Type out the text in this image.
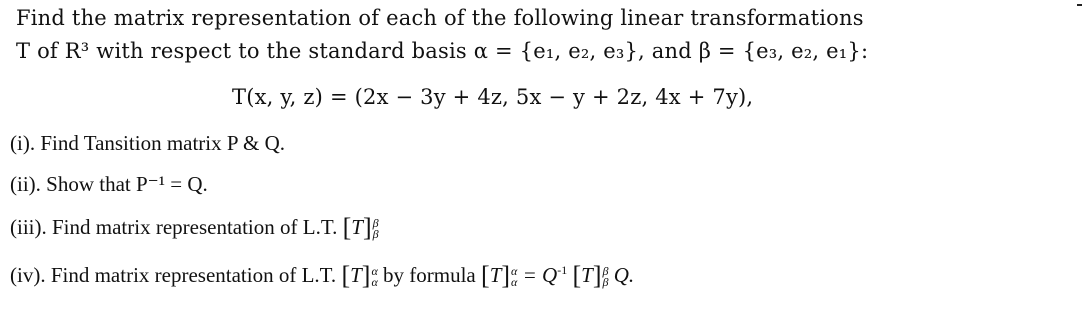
Find the matrix representation of each of the following linear transformations
T of R³ with respect to the standard basis α = {e₁, e₂, e₃}, and β = {e₃, e₂, e₁}:
T(x, y, z) = (2x − 3y + 4z, 5x − y + 2z, 4x + 7y),
(i). Find Tansition matrix P & Q.
(ii). Show that P⁻¹ = Q.
(iii). Find matrix representation of L.T. [T] β
β
(iv). Find matrix representation of L.T. [T] α
α by formula [T] α
$\alpha = Q^{-1}$ [T] β
β Q.
